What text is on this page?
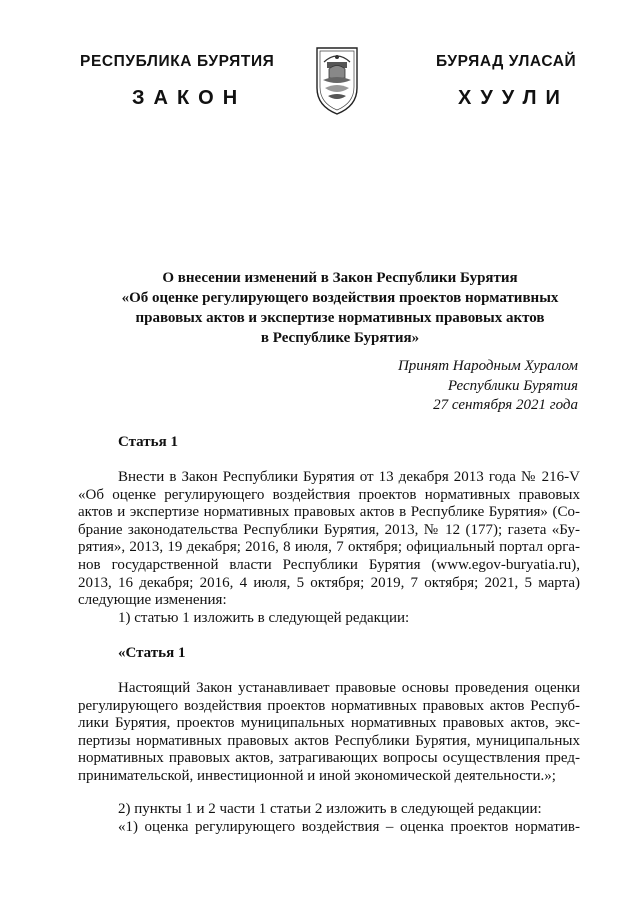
РЕСПУБЛИКА БУРЯТИЯ
ЗАКОН
БУРЯАД УЛАСАЙ
ХУУЛИ
О внесении изменений в Закон Республики Бурятия
«Об оценке регулирующего воздействия проектов нормативных
правовых актов и экспертизе нормативных правовых актов
в Республике Бурятия»
Принят Народным Хуралом
Республики Бурятия
27 сентября 2021 года
Статья 1
Внести в Закон Республики Бурятия от 13 декабря 2013 года № 216-V
«Об оценке регулирующего воздействия проектов нормативных правовых
актов и экспертизе нормативных правовых актов в Республике Бурятия» (Со-
брание законодательства Республики Бурятия, 2013, № 12 (177); газета «Бу-
рятия», 2013, 19 декабря; 2016, 8 июля, 7 октября; официальный портал орга-
нов государственной власти Республики Бурятия (www.egov-buryatia.ru),
2013, 16 декабря; 2016, 4 июля, 5 октября; 2019, 7 октября; 2021, 5 марта)
следующие изменения:
1) статью 1 изложить в следующей редакции:
«Статья 1
Настоящий Закон устанавливает правовые основы проведения оценки
регулирующего воздействия проектов нормативных правовых актов Респуб-
лики Бурятия, проектов муниципальных нормативных правовых актов, экс-
пертизы нормативных правовых актов Республики Бурятия, муниципальных
нормативных правовых актов, затрагивающих вопросы осуществления пред-
принимательской, инвестиционной и иной экономической деятельности.»;
2) пункты 1 и 2 части 1 статьи 2 изложить в следующей редакции:
«1) оценка регулирующего воздействия – оценка проектов норматив-
